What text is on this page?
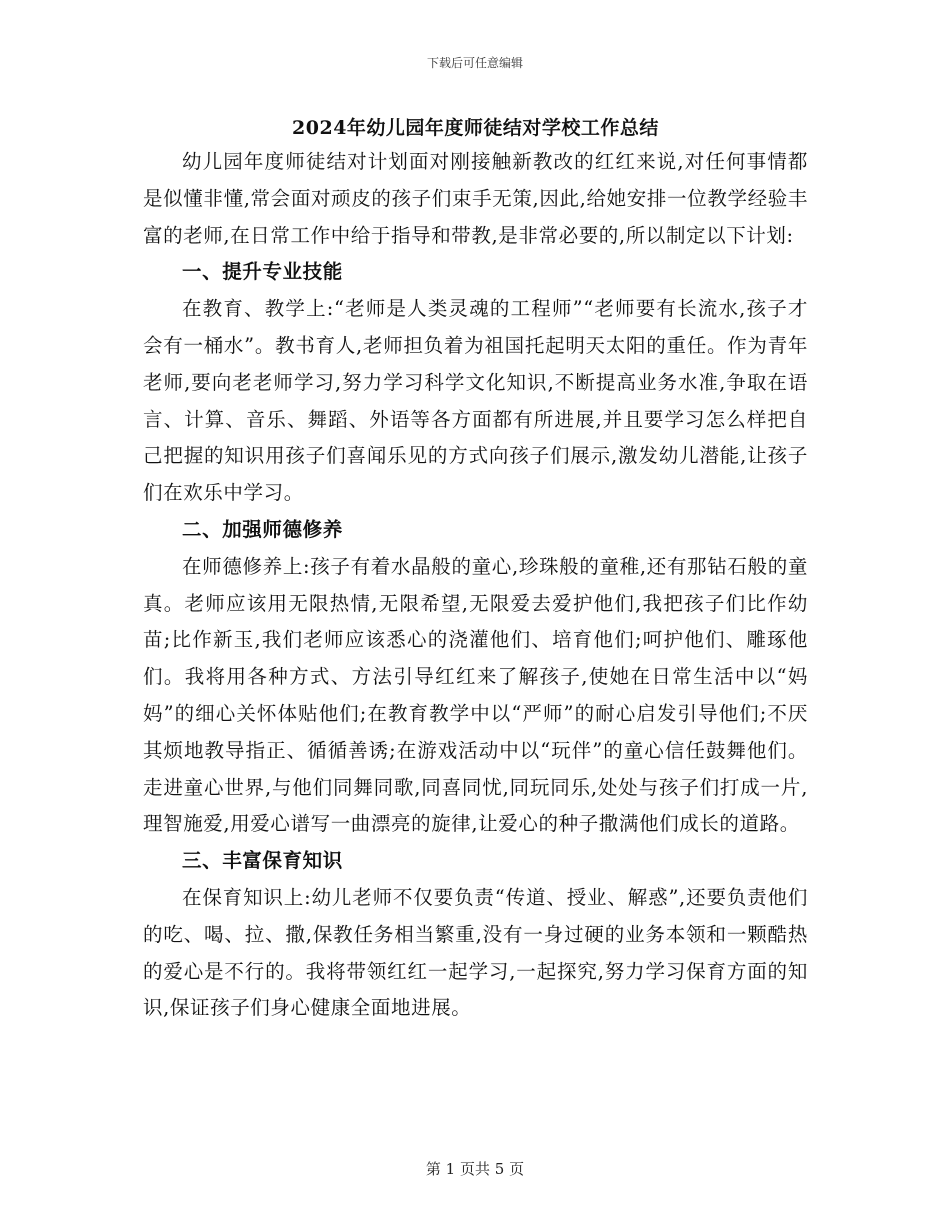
下载后可任意编辑
2024年幼儿园年度师徒结对学校工作总结

幼儿园年度师徒结对计划面对刚接触新教改的红红来说,对任何事情都是似懂非懂,常会面对顽皮的孩子们束手无策,因此,给她安排一位教学经验丰富的老师,在日常工作中给于指导和带教,是非常必要的,所以制定以下计划:

一、提升专业技能

在教育、教学上:“老师是人类灵魂的工程师”“老师要有长流水,孩子才会有一桶水”。教书育人,老师担负着为祖国托起明天太阳的重任。作为青年老师,要向老老师学习,努力学习科学文化知识,不断提高业务水准,争取在语言、计算、音乐、舞蹈、外语等各方面都有所进展,并且要学习怎么样把自己把握的知识用孩子们喜闻乐见的方式向孩子们展示,激发幼儿潜能,让孩子们在欢乐中学习。

二、加强师德修养

在师德修养上:孩子有着水晶般的童心,珍珠般的童稚,还有那钻石般的童真。老师应该用无限热情,无限希望,无限爱去爱护他们,我把孩子们比作幼苗;比作新玉,我们老师应该悉心的浇灌他们、培育他们;呵护他们、雕琢他们。我将用各种方式、方法引导红红来了解孩子,使她在日常生活中以“妈妈”的细心关怀体贴他们;在教育教学中以“严师”的耐心启发引导他们;不厌其烦地教导指正、循循善诱;在游戏活动中以“玩伴”的童心信任鼓舞他们。走进童心世界,与他们同舞同歌,同喜同忧,同玩同乐,处处与孩子们打成一片,理智施爱,用爱心谱写一曲漂亮的旋律,让爱心的种子撒满他们成长的道路。

三、丰富保育知识

在保育知识上:幼儿老师不仅要负责“传道、授业、解惑”,还要负责他们的吃、喝、拉、撒,保教任务相当繁重,没有一身过硬的业务本领和一颗酷热的爱心是不行的。我将带领红红一起学习,一起探究,努力学习保育方面的知识,保证孩子们身心健康全面地进展。

第 1 页共 5 页
